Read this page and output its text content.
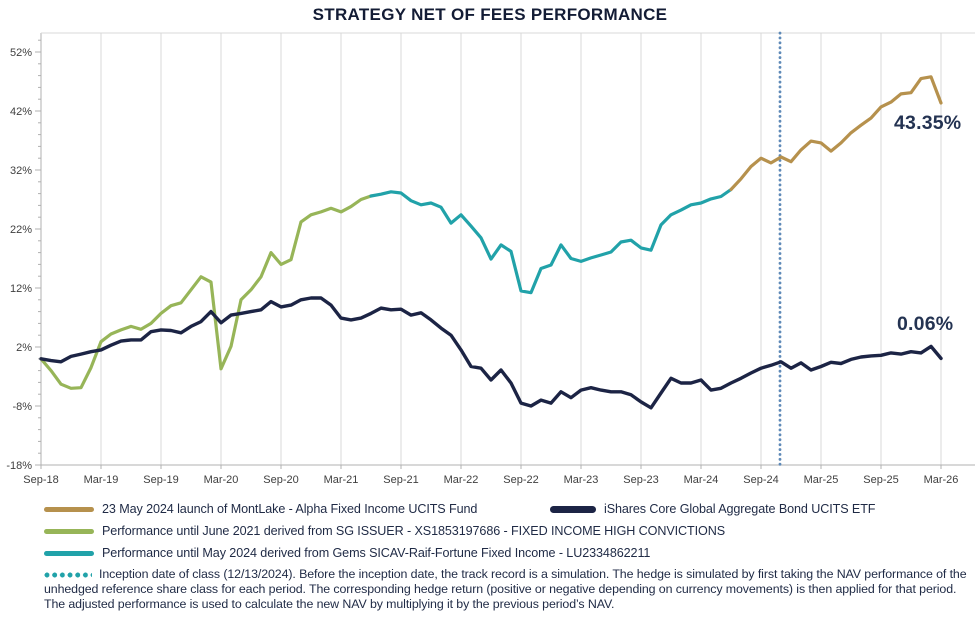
STRATEGY NET OF FEES PERFORMANCE
Sep-18 Mar-19 Sep-19 Mar-20 Sep-20 Mar-21 Sep-21 Mar-22 Sep-22 Mar-23 Sep-23 Mar-24 Sep-24 Mar-25 Sep-25 Mar-26
52%
42%
32%
22%
12%
2%
-8%
-18%
43.35%
0.06%
23 May 2024 launch of MontLake - Alpha Fixed Income UCITS Fund	iShares Core Global Aggregate Bond UCITS ETF
Performance until June 2021 derived from SG ISSUER - XS1853197686 - FIXED INCOME HIGH CONVICTIONS
Performance until May 2024 derived from Gems SICAV-Raif-Fortune Fixed Income - LU2334862211

Inception date of class (12/13/2024). Before the inception date, the track record is a simulation. The hedge is simulated by first taking the NAV performance of the unhedged reference share class for each period. The corresponding hedge return (positive or negative depending on currency movements) is then applied for that period. The adjusted performance is used to calculate the new NAV by multiplying it by the previous period’s NAV.
